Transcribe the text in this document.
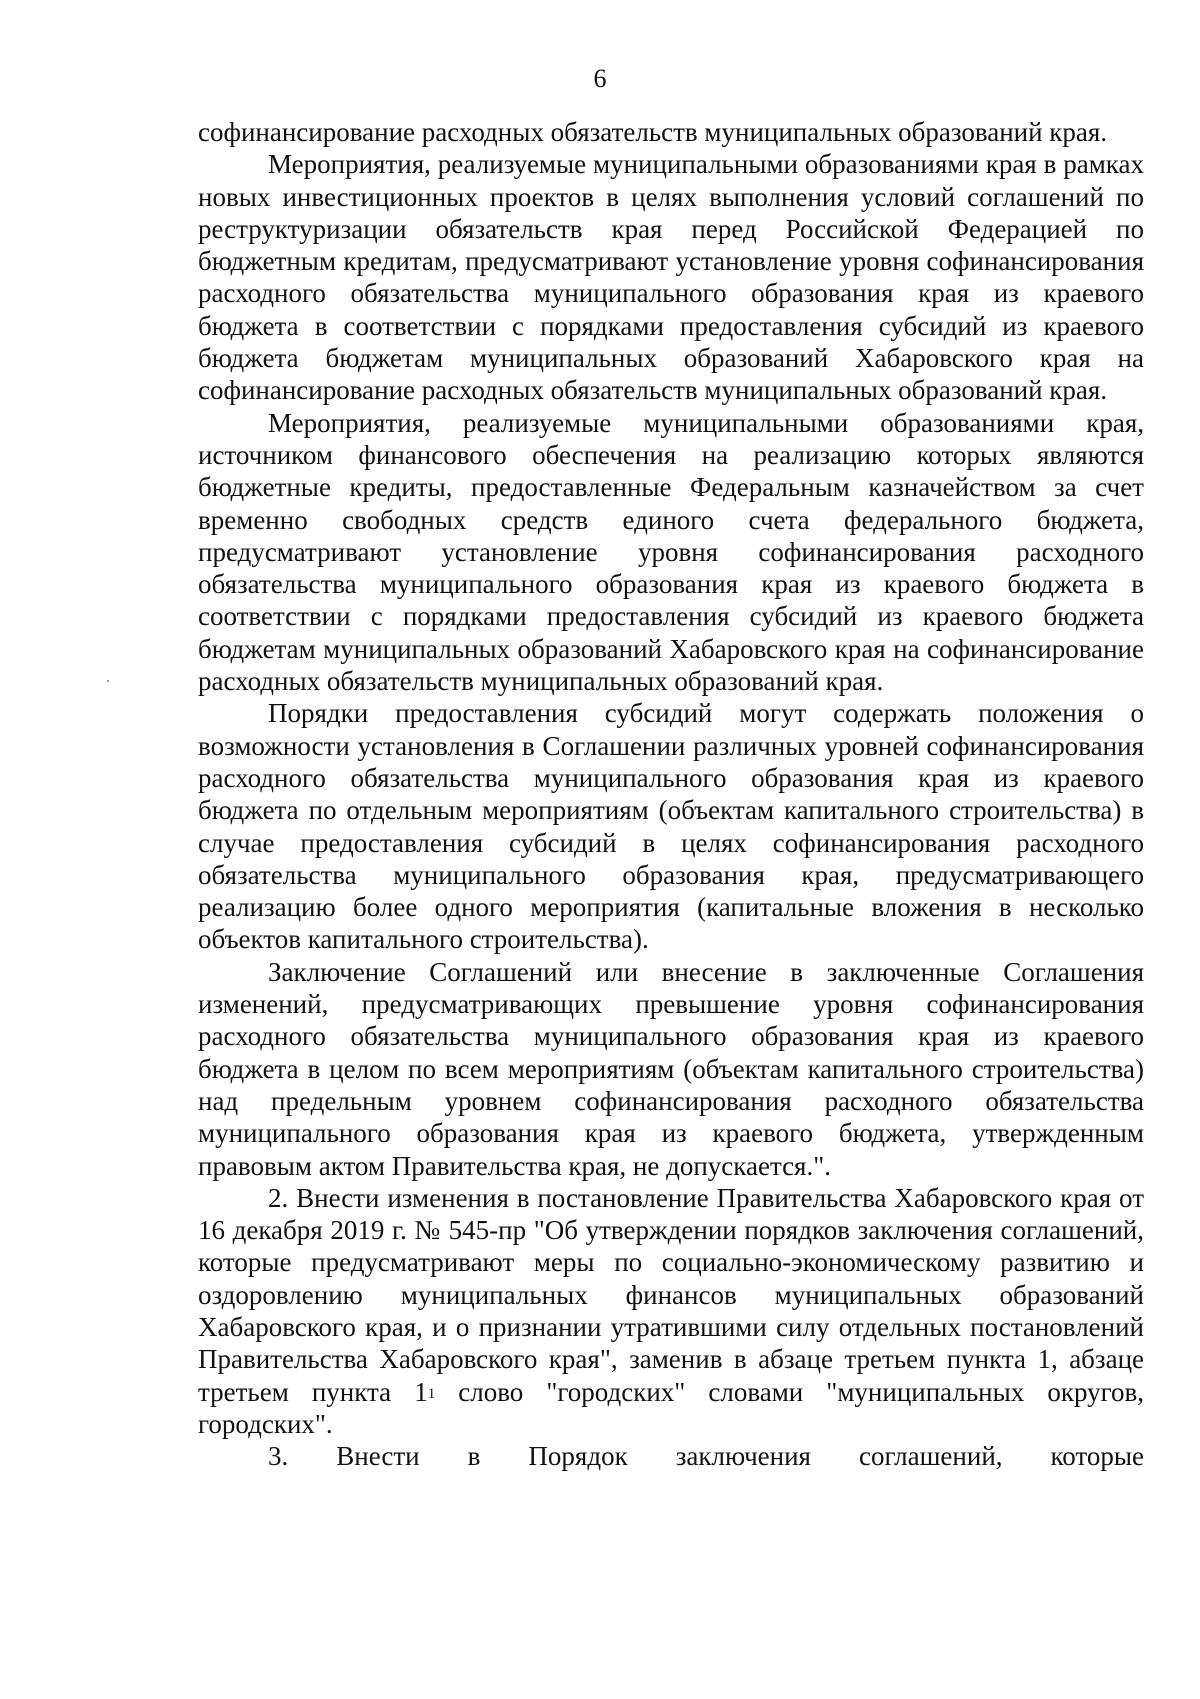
6

софинансирование расходных обязательств муниципальных образований края.

Мероприятия, реализуемые муниципальными образованиями края в рамках новых инвестиционных проектов в целях выполнения условий соглашений по реструктуризации обязательств края перед Российской Федерацией по бюджетным кредитам, предусматривают установление уровня софинансирования расходного обязательства муниципального образования края из краевого бюджета в соответствии с порядками предоставления субсидий из краевого бюджета бюджетам муниципальных образований Хабаровского края на софинансирование расходных обязательств муниципальных образований края.

Мероприятия, реализуемые муниципальными образованиями края, источником финансового обеспечения на реализацию которых являются бюджетные кредиты, предоставленные Федеральным казначейством за счет временно свободных средств единого счета федерального бюджета, предусматривают установление уровня софинансирования расходного обязательства муниципального образования края из краевого бюджета в соответствии с порядками предоставления субсидий из краевого бюджета бюджетам муниципальных образований Хабаровского края на софинансирование расходных обязательств муниципальных образований края.

Порядки предоставления субсидий могут содержать положения о возможности установления в Соглашении различных уровней софинансирования расходного обязательства муниципального образования края из краевого бюджета по отдельным мероприятиям (объектам капитального строительства) в случае предоставления субсидий в целях софинансирования расходного обязательства муниципального образования края, предусматривающего реализацию более одного мероприятия (капитальные вложения в несколько объектов капитального строительства).

Заключение Соглашений или внесение в заключенные Соглашения изменений, предусматривающих превышение уровня софинансирования расходного обязательства муниципального образования края из краевого бюджета в целом по всем мероприятиям (объектам капитального строительства) над предельным уровнем софинансирования расходного обязательства муниципального образования края из краевого бюджета, утвержденным правовым актом Правительства края, не допускается.".

2. Внести изменения в постановление Правительства Хабаровского края от 16 декабря 2019 г. № 545-пр "Об утверждении порядков заключения соглашений, которые предусматривают меры по социально-экономическому развитию и оздоровлению муниципальных финансов муниципальных образований Хабаровского края, и о признании утратившими силу отдельных постановлений Правительства Хабаровского края", заменив в абзаце третьем пункта 1, абзаце третьем пункта $1^1$ слово "городских" словами "муниципальных округов, городских".

3. Внести в Порядок заключения соглашений, которые
